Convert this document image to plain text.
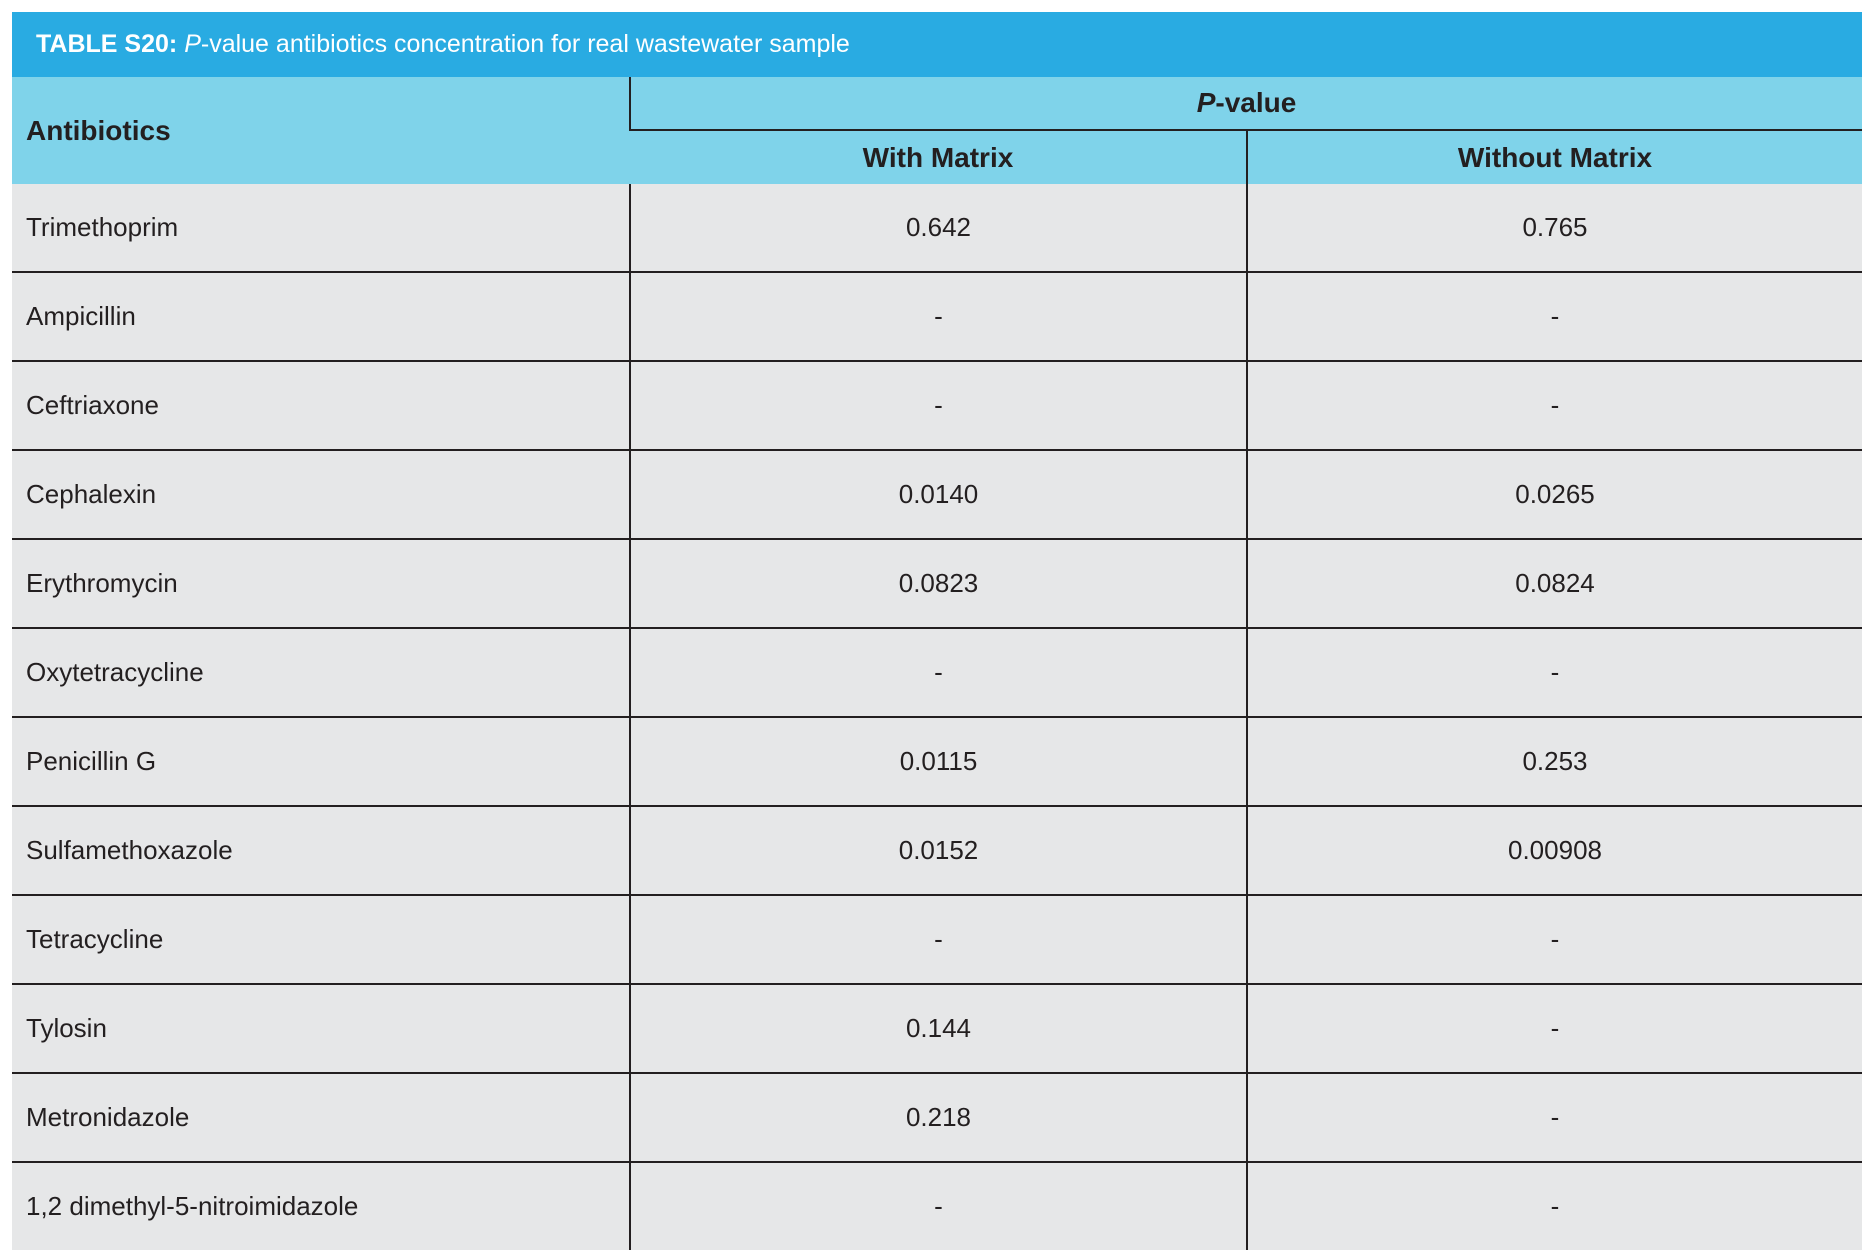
TABLE S20: P-value antibiotics concentration for real wastewater sample
Antibiotics	P-value	
	With Matrix	Without Matrix
Trimethoprim	0.642	0.765
Ampicillin	-	-
Ceftriaxone	-	-
Cephalexin	0.0140	0.0265
Erythromycin	0.0823	0.0824
Oxytetracycline	-	-
Penicillin G	0.0115	0.253
Sulfamethoxazole	0.0152	0.00908
Tetracycline	-	-
Tylosin	0.144	-
Metronidazole	0.218	-
1,2 dimethyl-5-nitroimidazole	-	-
